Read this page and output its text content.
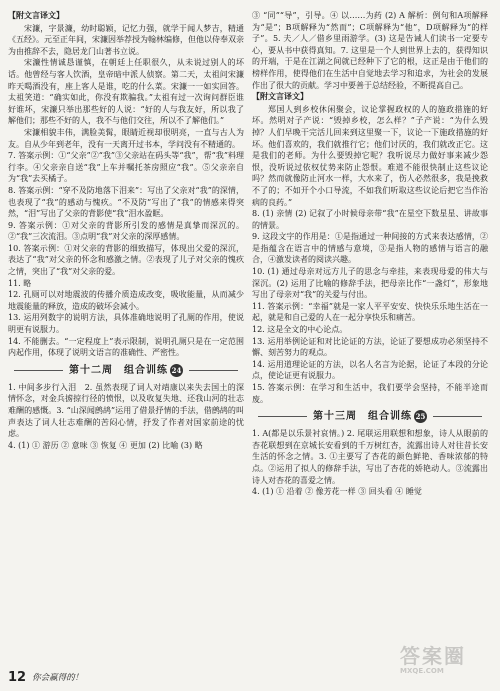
【附文言译文】

宋濂，字景濂，幼时聪颖，记忆力强，就学于闻人梦吉，精通《五经》。元至正年间，宋濂因举荐授为翰林编修，但他以侍奉双亲为由推辞不去，隐居龙门山著书立说。

宋濂性情诚恳谨慎，在朝廷上任职很久，从未说过别人的坏话。他曾经与客人饮酒，皇帝暗中派人侦察。第二天，太祖问宋濂昨天喝酒没有，座上客人是谁，吃的什么菜。宋濂一一如实回答。太祖笑道：“确实如此，你没有欺骗我。”太祖有过一次询问群臣谁好谁坏，宋濂只举出那些好的人说：“好的人与我友好，所以我了解他们；那些不好的人，我不与他们交往，所以不了解他们。”

宋濂相貌丰伟，满脸美髯，眼睛近视却很明亮，一直与古人为友。自从少年到老年，没有一天离开过书本，学问没有不精通的。

7. 答案示例：①“父亲”②“我”③父亲站在码头等“我”，帮“我”料理行李。④父亲亲自送“我”上车并嘱托茶房照应“我”。⑤父亲亲自为“我”去买橘子。

8. 答案示例：“穿不及防地落下泪来”：写出了父亲对“我”的深情，也表现了“我”的感动与愧疚。“不及防”写出了“我”的情感来得突然，“泪”写出了父亲的背影使“我”泪水盈眶。

9. 答案示例：①对父亲的背影所引发的感情是真挚而深沉的。②“我”三次流泪。③点明“我”对父亲的深厚感情。

10. 答案示例：①对父亲的背影的细致描写，体现出父爱的深沉，表达了“我”对父亲的怀念和感激之情。②表现了儿子对父亲的愧疚之情，突出了“我”对父亲的爱。

11. 略

12. 孔厕可以对地震波的传播介质造成改变，吸收能量，从而减少地震能量的释放，造成的破坏会减小。

13. 运用列数字的说明方法，具体准确地说明了孔厕的作用，使说明更有说服力。

14. 不能删去。“一定程度上”表示限制，说明孔厕只是在一定范围内起作用，体现了说明文语言的准确性、严密性。

第十二周　组合训练 24

1. 中间多步行入泪　2. 虽然表现了词人对靖康以来失去国土的深情怀念，对金兵掳掠行径的愤恨，以及收复失地、还我山河的壮志难酬的感慨。3. “山深闻鹧鸪”运用了借景抒情的手法，借鹧鸪的叫声表达了词人壮志难酬的苦闷心情，抒发了作者对国家前途的忧虑。

4. (1) ① 游历 ② 意味 ③ 恢复 ④ 更加 (2) 比喻 (3) 略

③ “同”“导”，引导。④ 以……为药 (2) A 解析：例句和A项解释为“是”；B项解释为“然而”；C项解释为“他”，D项解释为“的样子”。5. 夫／人／借乡里雨游学。(3) 这是告诫人们读书一定要专心，要从书中获得真知。7. 这里是一个人到世界上去的，获得知识的开端，于是在江湖之间就已经种下了它的根，这正是由于他们的榜样作用，使得他们在生活中自觉地去学习和追求，为社会的发展作出了很大的贡献。学习中要善于总结经验，不断提高自己。

【附文言译文】

郑国人到乡校休闲聚会，议论掌握政权的人的施政措施的好坏。然明对子产说：“毁掉乡校，怎么样？”子产说：“为什么毁掉？人们早晚干完活儿回来到这里聚一下，议论一下施政措施的好坏。他们喜欢的，我们就推行它；他们讨厌的，我们就改正它。这是我们的老师。为什么要毁掉它呢？我听说尽力做好事来减少怨恨，没听说过依权仗势来防止怨恨。难道不能很快制止这些议论吗？然而就像防止河水一样，大水来了，伤人必然很多，我是挽救不了的；不如开个小口导流，不如我们听取这些议论后把它当作治病的良药。”

8. (1) 亲情 (2) 记叙了小时候母亲带“我”在星空下数星星、讲故事的情景。

9. 这段文字的作用是：①是指通过一种间接的方式来表达感情，②是指蕴含在语言中的情感与意境，③是指人物的感情与语言的融合，④激发读者的阅读兴趣。

10. (1) 通过母亲对远方儿子的思念与牵挂，来表现母爱的伟大与深沉。(2) 运用了比喻的修辞手法，把母亲比作“一盏灯”，形象地写出了母亲对“我”的关爱与付出。

11. 答案示例：“幸福”就是一家人平平安安、快快乐乐地生活在一起，就是和自己爱的人在一起分享快乐和痛苦。

12. 这是全文的中心论点。

13. 运用举例论证和对比论证的方法，论证了要想成功必须坚持不懈、刻苦努力的观点。

14. 运用道理论证的方法，以名人名言为论据，论证了本段的分论点，使论证更有说服力。

15. 答案示例：在学习和生活中，我们要学会坚持，不能半途而废。

第十三周　组合训练 25

1. A(都是以乐景衬哀情。) 2. 尾联运用联想和想象，诗人从眼前的杏花联想到在京城长安看到的千万树红杏，流露出诗人对往昔长安生活的怀念之情。3. ①主要写了杏花的颜色鲜艳、香味浓郁的特点。②运用了拟人的修辞手法，写出了杏花的娇艳动人。③流露出诗人对杏花的喜爱之情。

4. (1) ① 沿着 ② 像芳花一样 ③ 回头看 ④ 睡觉

12 你会赢得的！
答案圈
MXQE.COM
